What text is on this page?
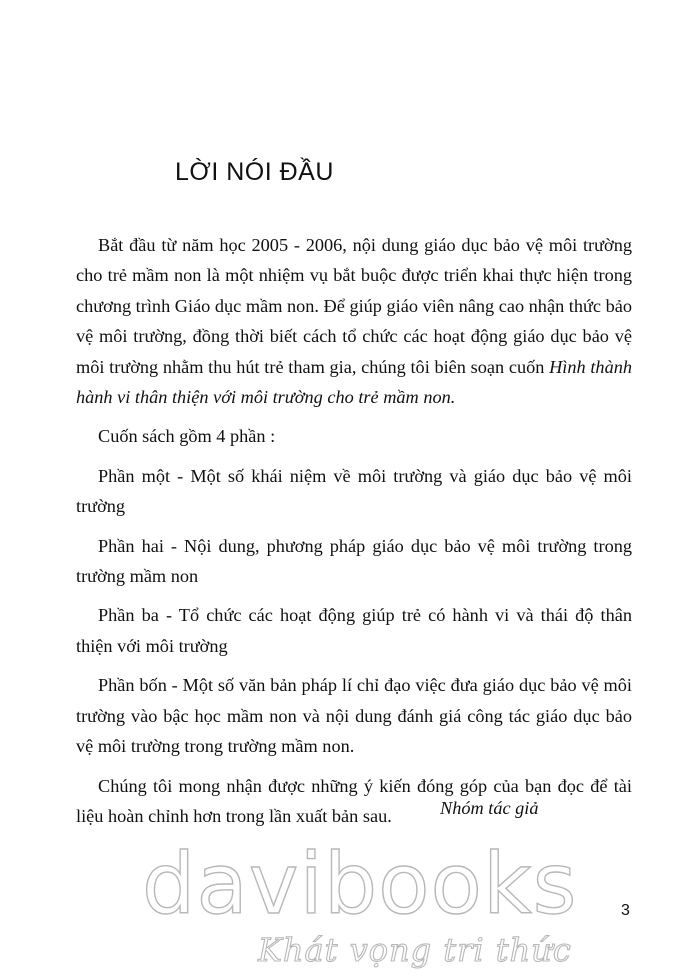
LỜI NÓI ĐẦU

Bắt đầu từ năm học 2005 - 2006, nội dung giáo dục bảo vệ môi trường cho trẻ mầm non là một nhiệm vụ bắt buộc được triển khai thực hiện trong chương trình Giáo dục mầm non. Để giúp giáo viên nâng cao nhận thức bảo vệ môi trường, đồng thời biết cách tổ chức các hoạt động giáo dục bảo vệ môi trường nhằm thu hút trẻ tham gia, chúng tôi biên soạn cuốn Hình thành hành vi thân thiện với môi trường cho trẻ mầm non.

Cuốn sách gồm 4 phần :

Phần một - Một số khái niệm về môi trường và giáo dục bảo vệ môi trường

Phần hai - Nội dung, phương pháp giáo dục bảo vệ môi trường trong trường mầm non

Phần ba - Tổ chức các hoạt động giúp trẻ có hành vi và thái độ thân thiện với môi trường

Phần bốn - Một số văn bản pháp lí chỉ đạo việc đưa giáo dục bảo vệ môi trường vào bậc học mầm non và nội dung đánh giá công tác giáo dục bảo vệ môi trường trong trường mầm non.

Chúng tôi mong nhận được những ý kiến đóng góp của bạn đọc để tài liệu hoàn chỉnh hơn trong lần xuất bản sau.	Nhóm tác giả
davibooks
Khát vọng tri thức
3
